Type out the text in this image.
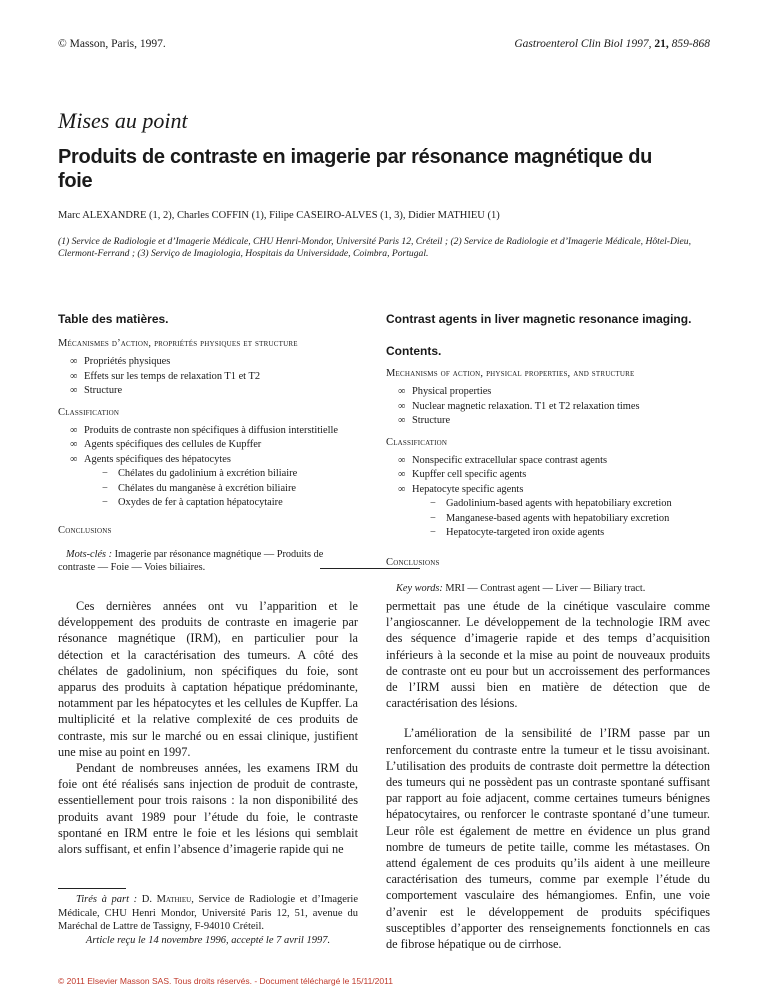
© Masson, Paris, 1997.	Gastroenterol Clin Biol 1997, 21, 859-868
Mises au point
Produits de contraste en imagerie par résonance magnétique du foie
Marc ALEXANDRE (1, 2), Charles COFFIN (1), Filipe CASEIRO-ALVES (1, 3), Didier MATHIEU (1)
(1) Service de Radiologie et d’Imagerie Médicale, CHU Henri-Mondor, Université Paris 12, Créteil ; (2) Service de Radiologie et d’Imagerie Médicale, Hôtel-Dieu, Clermont-Ferrand ; (3) Serviço de Imagiologia, Hospitais da Universidade, Coimbra, Portugal.
Table des matières.
Mécanismes d’action, propriétés physiques et structure
∞ Propriétés physiques
∞ Effets sur les temps de relaxation T1 et T2
∞ Structure
Classification
∞ Produits de contraste non spécifiques à diffusion interstitielle
∞ Agents spécifiques des cellules de Kupffer
∞ Agents spécifiques des hépatocytes
− Chélates du gadolinium à excrétion biliaire
− Chélates du manganèse à excrétion biliaire
− Oxydes de fer à captation hépatocytaire
Conclusions
Mots-clés : Imagerie par résonance magnétique — Produits de contraste — Foie — Voies biliaires.
Contrast agents in liver magnetic resonance imaging.
Contents.
Mechanisms of action, physical properties, and structure
∞ Physical properties
∞ Nuclear magnetic relaxation. T1 et T2 relaxation times
∞ Structure
Classification
∞ Nonspecific extracellular space contrast agents
∞ Kupffer cell specific agents
∞ Hepatocyte specific agents
− Gadolinium-based agents with hepatobiliary excretion
− Manganese-based agents with hepatobiliary excretion
− Hepatocyte-targeted iron oxide agents
Conclusions
Key words: MRI — Contrast agent — Liver — Biliary tract.

Ces dernières années ont vu l’apparition et le développement des produits de contraste en imagerie par résonance magnétique (IRM), en particulier pour la détection et la caractérisation des tumeurs. A côté des chélates de gadolinium, non spécifiques du foie, sont apparus des produits à captation hépatique prédominante, notamment par les hépatocytes et les cellules de Kupffer. La multiplicité et la relative complexité de ces produits de contraste, mis sur le marché ou en essai clinique, justifient une mise au point en 1997.

Pendant de nombreuses années, les examens IRM du foie ont été réalisés sans injection de produit de contraste, essentiellement pour trois raisons : la non disponibilité des produits avant 1989 pour l’étude du foie, le contraste spontané en IRM entre le foie et les lésions qui semblait alors suffisant, et enfin l’absence d’imagerie rapide qui ne

permettait pas une étude de la cinétique vasculaire comme l’angioscanner. Le développement de la technologie IRM avec des séquence d’imagerie rapide et des temps d’acquisition inférieurs à la seconde et la mise au point de nouveaux produits de contraste ont eu pour but un accroissement des performances de l’IRM aussi bien en matière de détection que de caractérisation des lésions.

L’amélioration de la sensibilité de l’IRM passe par un renforcement du contraste entre la tumeur et le tissu avoisinant. L’utilisation des produits de contraste doit permettre la détection des tumeurs qui ne possèdent pas un contraste spontané suffisant par rapport au foie adjacent, comme certaines tumeurs bénignes hépatocytaires, ou renforcer le contraste spontané d’une tumeur. Leur rôle est également de mettre en évidence un plus grand nombre de tumeurs de petite taille, comme les métastases. On attend également de ces produits qu’ils aident à une meilleure caractérisation des tumeurs, comme par exemple l’étude du comportement vasculaire des hémangiomes. Enfin, une voie d’avenir est le développement de produits spécifiques susceptibles d’apporter des renseignements fonctionnels en cas de fibrose hépatique ou de cirrhose.

Tirés à part : D. Mathieu, Service de Radiologie et d’Imagerie Médicale, CHU Henri Mondor, Université Paris 12, 51, avenue du Maréchal de Lattre de Tassigny, F-94010 Créteil.
Article reçu le 14 novembre 1996, accepté le 7 avril 1997.
© 2011 Elsevier Masson SAS. Tous droits réservés. - Document téléchargé le 15/11/2011
